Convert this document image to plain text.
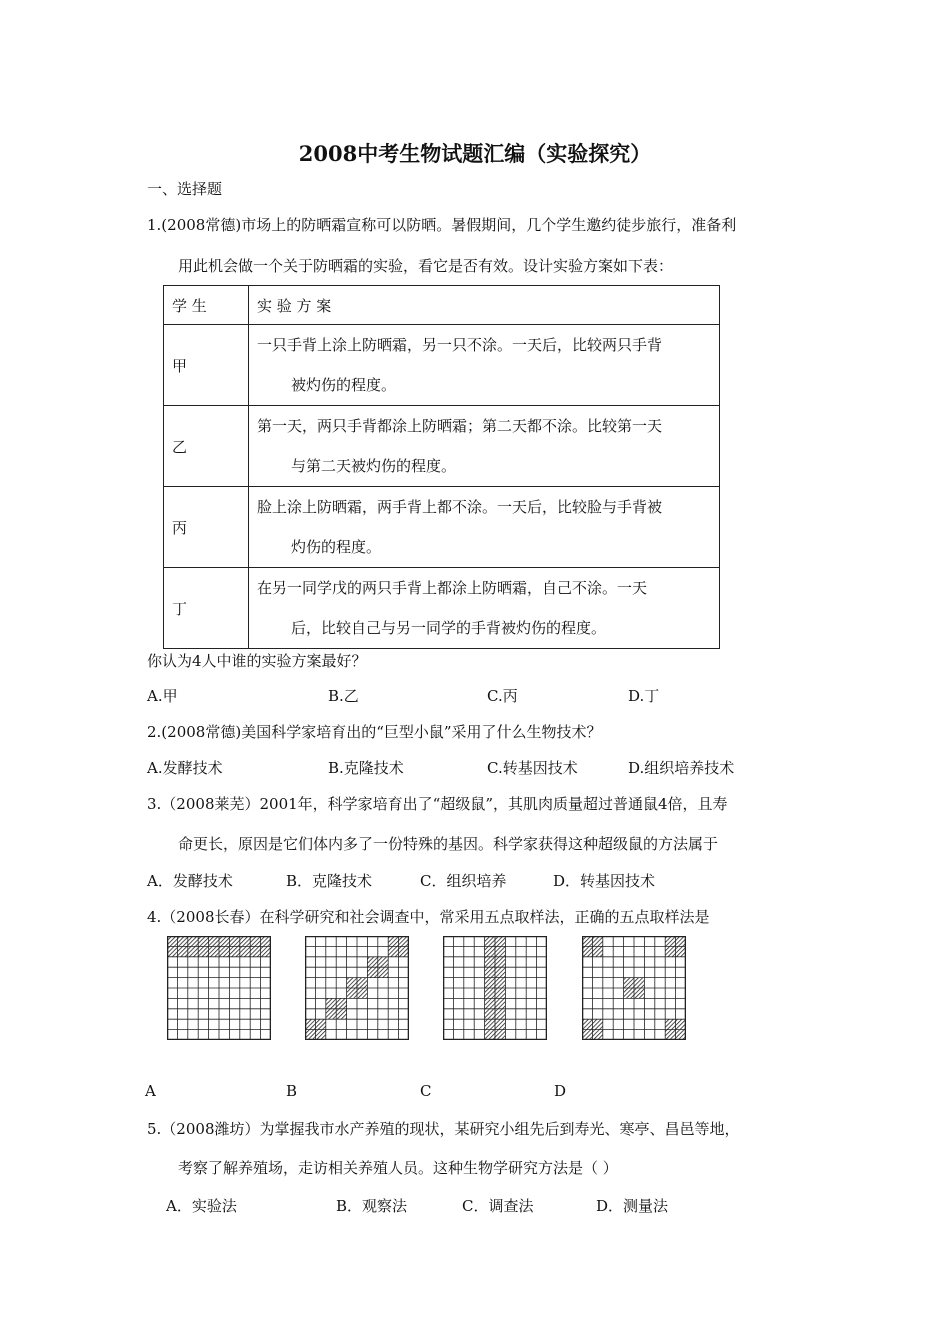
2008中考生物试题汇编（实验探究）
一、选择题
1.(2008常德)市场上的防晒霜宣称可以防晒。暑假期间，几个学生邀约徒步旅行，准备利
用此机会做一个关于防晒霜的实验，看它是否有效。设计实验方案如下表：
学 生	实 验 方 案
甲	一只手背上涂上防晒霜，另一只不涂。一天后，比较两只手背
被灼伤的程度。

乙	第一天，两只手背都涂上防晒霜；第二天都不涂。比较第一天
与第二天被灼伤的程度。

丙	脸上涂上防晒霜，两手背上都不涂。一天后，比较脸与手背被
灼伤的程度。

丁	在另一同学戊的两只手背上都涂上防晒霜，自己不涂。一天
后，比较自己与另一同学的手背被灼伤的程度。
你认为4人中谁的实验方案最好？
A.甲	B.乙	C.丙	D.丁
2.(2008常德)美国科学家培育出的“巨型小鼠”采用了什么生物技术？
A.发酵技术	B.克隆技术	C.转基因技术	D.组织培养技术
3.（2008莱芜）2001年，科学家培育出了“超级鼠”，其肌肉质量超过普通鼠4倍，且寿
命更长，原因是它们体内多了一份特殊的基因。科学家获得这种超级鼠的方法属于
A．发酵技术	B．克隆技术	C．组织培养	D．转基因技术
4.（2008长春）在科学研究和社会调查中，常采用五点取样法，正确的五点取样法是
A	B	C	D
5.（2008潍坊）为掌握我市水产养殖的现状，某研究小组先后到寿光、寒亭、昌邑等地，
考察了解养殖场，走访相关养殖人员。这种生物学研究方法是（ ）
A．实验法	B．观察法	C．调查法	D．测量法
